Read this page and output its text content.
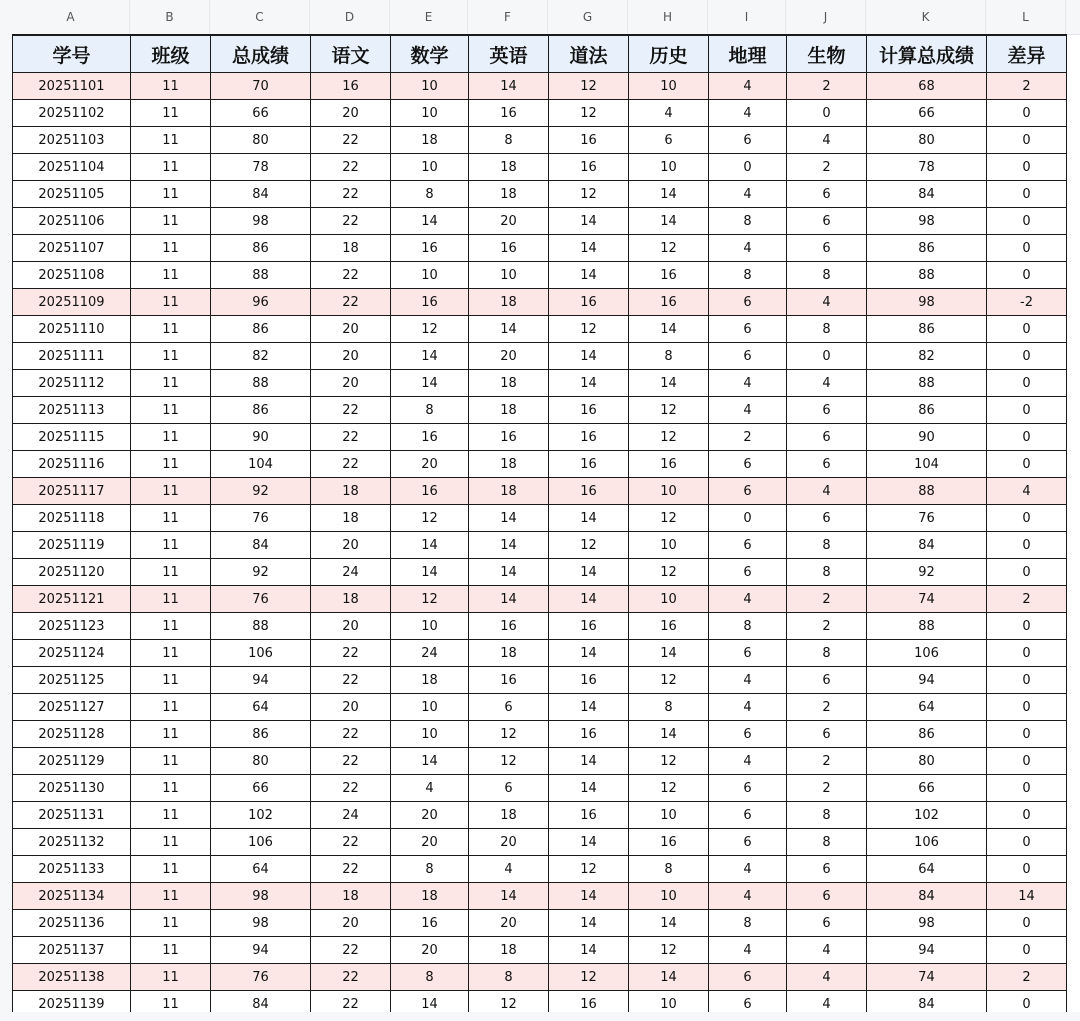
A	B	C	D	E	F	G	H	I	J	K	L
学号	班级	总成绩	语文	数学	英语	道法	历史	地理	生物	计算总成绩	差异
20251101	11	70	16	10	14	12	10	4	2	68	2
20251102	11	66	20	10	16	12	4	4	0	66	0
20251103	11	80	22	18	8	16	6	6	4	80	0
20251104	11	78	22	10	18	16	10	0	2	78	0
20251105	11	84	22	8	18	12	14	4	6	84	0
20251106	11	98	22	14	20	14	14	8	6	98	0
20251107	11	86	18	16	16	14	12	4	6	86	0
20251108	11	88	22	10	10	14	16	8	8	88	0
20251109	11	96	22	16	18	16	16	6	4	98	-2
20251110	11	86	20	12	14	12	14	6	8	86	0
20251111	11	82	20	14	20	14	8	6	0	82	0
20251112	11	88	20	14	18	14	14	4	4	88	0
20251113	11	86	22	8	18	16	12	4	6	86	0
20251115	11	90	22	16	16	16	12	2	6	90	0
20251116	11	104	22	20	18	16	16	6	6	104	0
20251117	11	92	18	16	18	16	10	6	4	88	4
20251118	11	76	18	12	14	14	12	0	6	76	0
20251119	11	84	20	14	14	12	10	6	8	84	0
20251120	11	92	24	14	14	14	12	6	8	92	0
20251121	11	76	18	12	14	14	10	4	2	74	2
20251123	11	88	20	10	16	16	16	8	2	88	0
20251124	11	106	22	24	18	14	14	6	8	106	0
20251125	11	94	22	18	16	16	12	4	6	94	0
20251127	11	64	20	10	6	14	8	4	2	64	0
20251128	11	86	22	10	12	16	14	6	6	86	0
20251129	11	80	22	14	12	14	12	4	2	80	0
20251130	11	66	22	4	6	14	12	6	2	66	0
20251131	11	102	24	20	18	16	10	6	8	102	0
20251132	11	106	22	20	20	14	16	6	8	106	0
20251133	11	64	22	8	4	12	8	4	6	64	0
20251134	11	98	18	18	14	14	10	4	6	84	14
20251136	11	98	20	16	20	14	14	8	6	98	0
20251137	11	94	22	20	18	14	12	4	4	94	0
20251138	11	76	22	8	8	12	14	6	4	74	2
20251139	11	84	22	14	12	16	10	6	4	84	0
